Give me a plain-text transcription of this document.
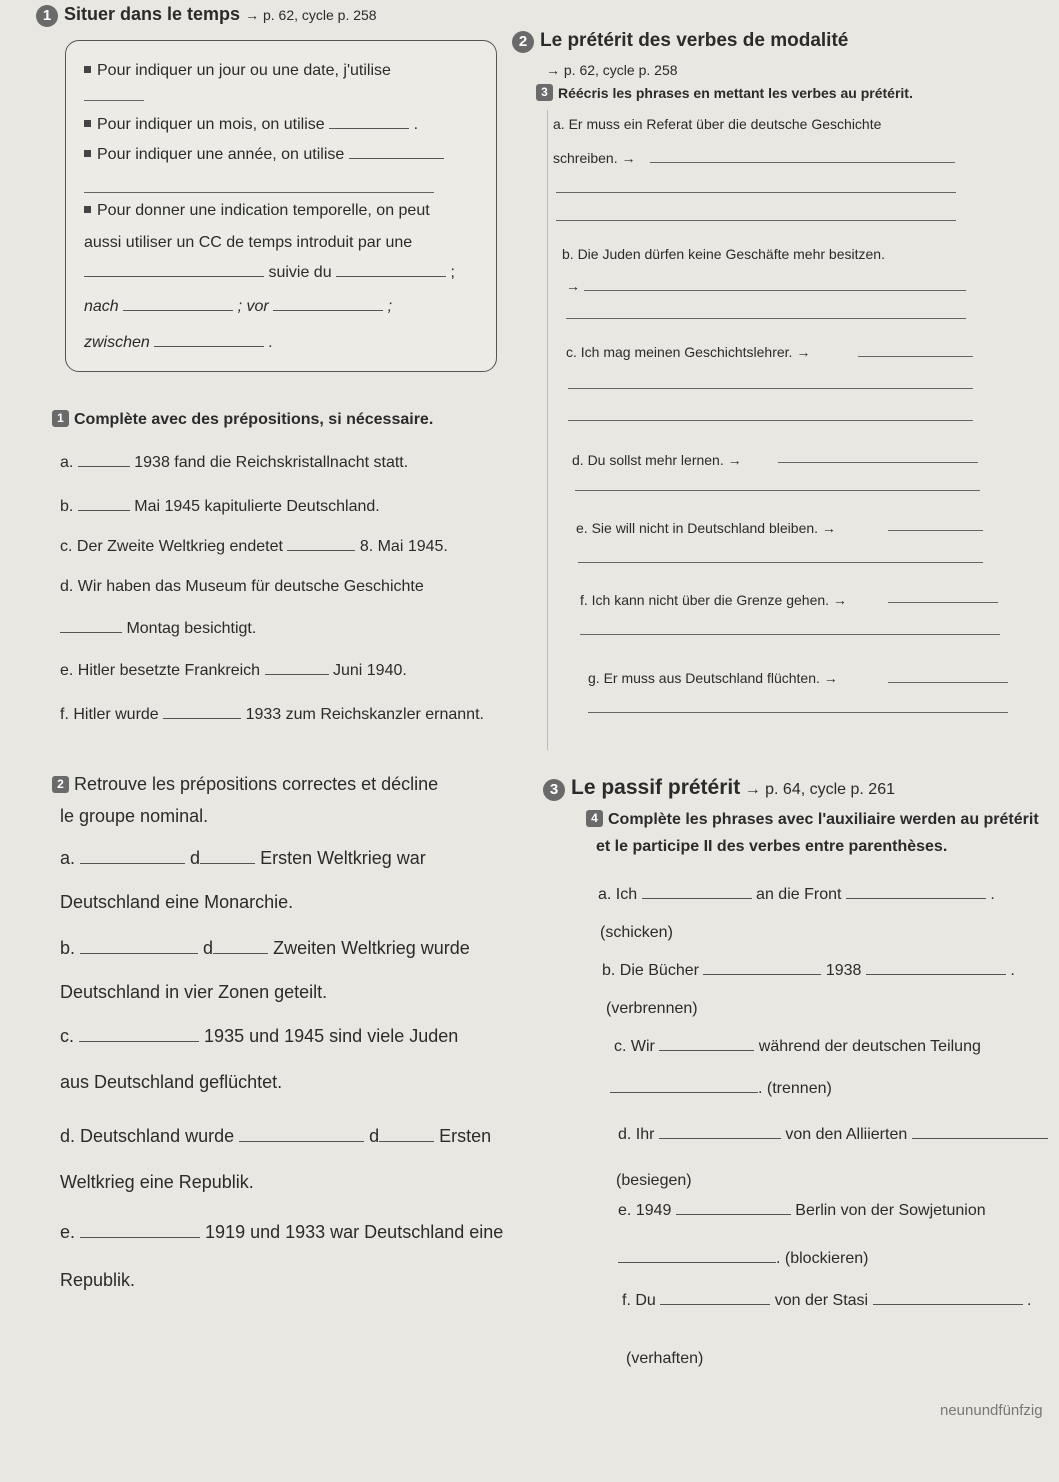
1 Situer dans le temps → p. 62, cycle p. 258
Pour indiquer un jour ou une date, j'utilise
Pour indiquer un mois, on utilise	.
Pour indiquer une année, on utilise
Pour donner une indication temporelle, on peut
aussi utiliser un CC de temps introduit par une
suivie du	;
nach	; vor	;
zwischen	.
1 Complète avec des prépositions, si nécessaire.
a.	1938 fand die Reichskristallnacht statt.
b.	Mai 1945 kapitulierte Deutschland.
c. Der Zweite Weltkrieg endetet	8. Mai 1945.
d. Wir haben das Museum für deutsche Geschichte
Montag besichtigt.
e. Hitler besetzte Frankreich	Juni 1940.
f. Hitler wurde	1933 zum Reichskanzler ernannt.
2 Retrouve les prépositions correctes et décline
le groupe nominal.
a.	d	Ersten Weltkrieg war
Deutschland eine Monarchie.
b.	d	Zweiten Weltkrieg wurde
Deutschland in vier Zonen geteilt.
c.	1935 und 1945 sind viele Juden
aus Deutschland geflüchtet.
d. Deutschland wurde	d	Ersten
Weltkrieg eine Republik.
e.	1919 und 1933 war Deutschland eine
Republik.
2 Le prétérit des verbes de modalité
→ p. 62, cycle p. 258
3 Réécris les phrases en mettant les verbes au prétérit.
a. Er muss ein Referat über die deutsche Geschichte
schreiben. →
b. Die Juden dürfen keine Geschäfte mehr besitzen.
→
c. Ich mag meinen Geschichtslehrer. →
d. Du sollst mehr lernen. →
e. Sie will nicht in Deutschland bleiben. →
f. Ich kann nicht über die Grenze gehen. →
g. Er muss aus Deutschland flüchten. →
3 Le passif prétérit → p. 64, cycle p. 261
4 Complète les phrases avec l'auxiliaire werden au prétérit
et le participe II des verbes entre parenthèses.
a. Ich	an die Front	.
(schicken)
b. Die Bücher	1938	.
(verbrennen)
c. Wir	während der deutschen Teilung
. (trennen)
d. Ihr	von den Alliierten
(besiegen)
e. 1949	Berlin von der Sowjetunion
. (blockieren)
f. Du	von der Stasi	.
(verhaften)
neunundfünfzig
